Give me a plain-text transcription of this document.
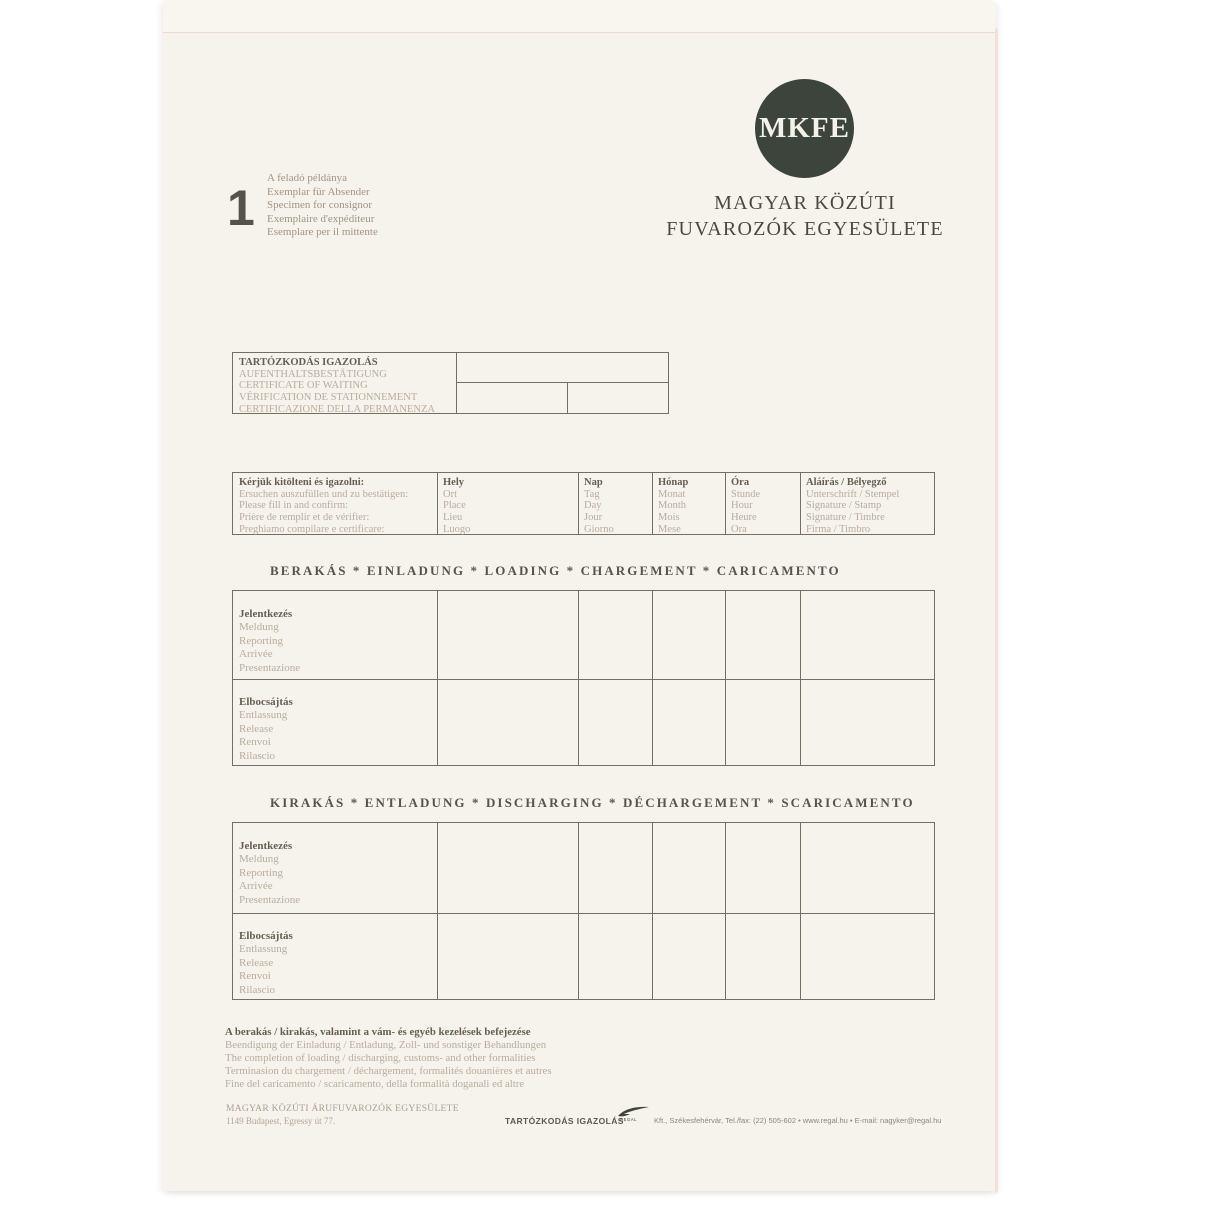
1
A feladó példánya
Exemplar für Absender
Specimen for consignor
Exemplaire d'expéditeur
Esemplare per il mittente
MKFE
MAGYAR KÖZÚTI
FUVAROZÓK EGYESÜLETE
TARTÓZKODÁS IGAZOLÁS
AUFENTHALTSBESTÄTIGUNG
CERTIFICATE OF WAITING
VÉRIFICATION DE STATIONNEMENT
CERTIFICAZIONE DELLA PERMANENZA
Kérjük kitölteni és igazolni:
Ersuchen auszufüllen und zu bestätigen:
Please fill in and confirm:
Prière de remplir et de vérifier:
Preghiamo compilare e certificare:
Hely
Ort
Place
Lieu
Luogo
Nap
Tag
Day
Jour
Giorno
Hónap
Monat
Month
Mois
Mese
Óra
Stunde
Hour
Heure
Ora
Aláírás / Bélyegző
Unterschrift / Stempel
Signature / Stamp
Signature / Timbre
Firma / Timbro
BERAKÁS * EINLADUNG * LOADING * CHARGEMENT * CARICAMENTO
Jelentkezés
Meldung
Reporting
Arrivée
Presentazione
Elbocsájtás
Entlassung
Release
Renvoi
Rilascio
KIRAKÁS * ENTLADUNG * DISCHARGING * DÉCHARGEMENT * SCARICAMENTO
Jelentkezés
Meldung
Reporting
Arrivée
Presentazione
Elbocsájtás
Entlassung
Release
Renvoi
Rilascio
A berakás / kirakás, valamint a vám- és egyéb kezelések befejezése
Beendigung der Einladung / Entladung, Zoll- und sonstiger Behandlungen
The completion of loading / discharging, customs- and other formalities
Terminasion du chargement / déchargement, formalités douanières et autres
Fine del caricamento / scaricamento, della formalità doganali ed altre
MAGYAR KÖZÚTI ÁRUFUVAROZÓK EGYESÜLETE
1149 Budapest, Egressy út 77.	TARTÓZKODÁS IGAZOLÁS
REGAL Kft., Székesfehérvár, Tel./fax: (22) 505-602 • www.regal.hu • E-mail: nagyker@regal.hu
